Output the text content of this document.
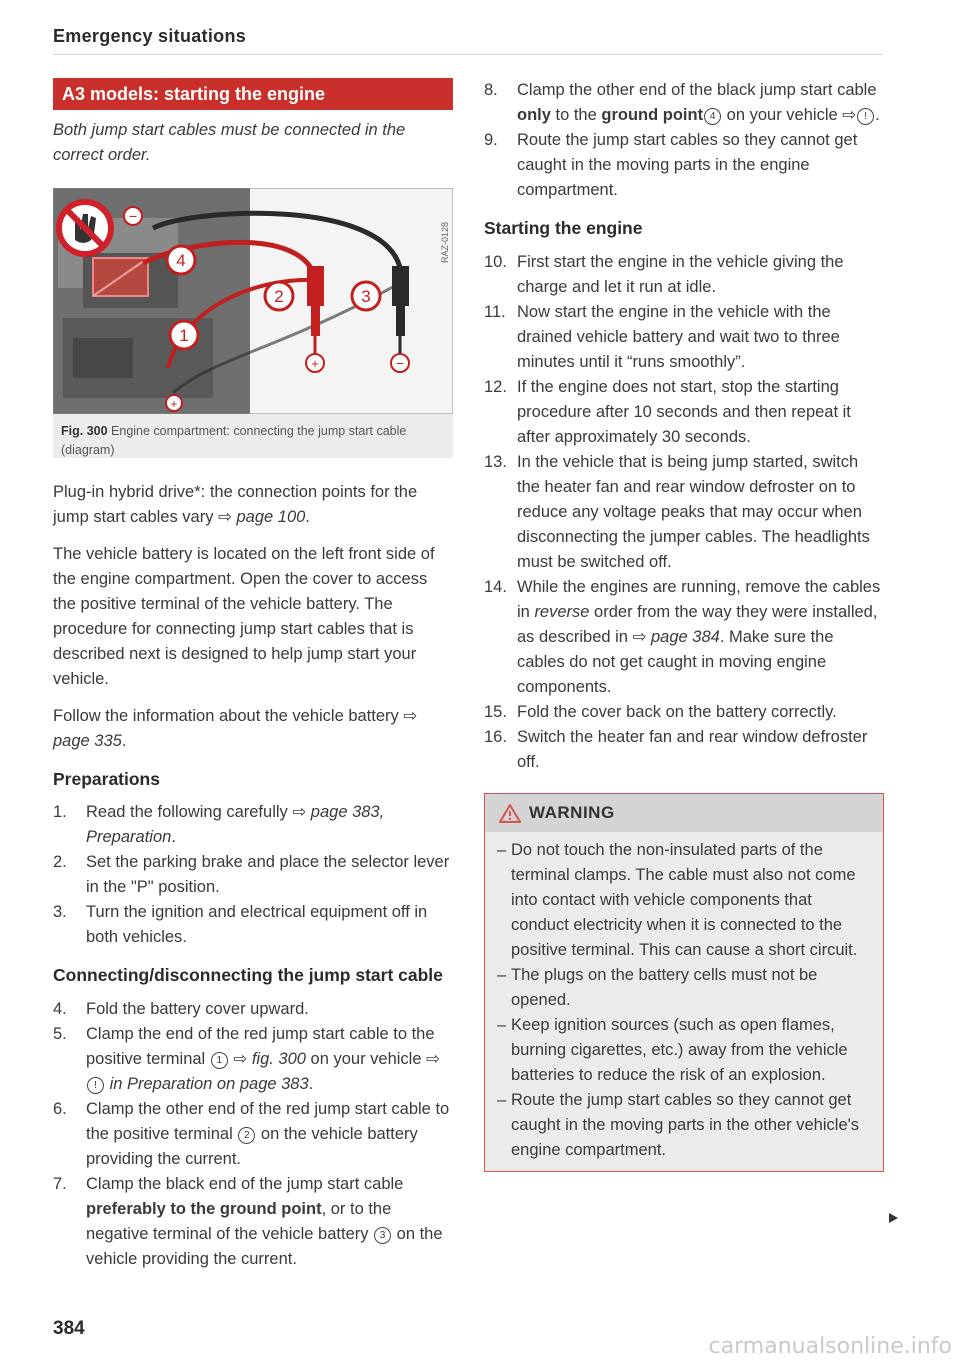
Emergency situations
A3 models: starting the engine
Both jump start cables must be connected in the correct order.
2	3
4
1
+	−
−
+
RAZ-0128
Fig. 300 Engine compartment: connecting the jump start cable (diagram)

Plug-in hybrid drive*: the connection points for the jump start cables vary ⇨ page 100.

The vehicle battery is located on the left front side of the engine compartment. Open the cover to access the positive terminal of the vehicle battery. The procedure for connecting jump start cables that is described next is designed to help jump start your vehicle.

Follow the information about the vehicle battery ⇨ page 335.

Preparations
1. Read the following carefully ⇨ page 383, Preparation.
2. Set the parking brake and place the selector lever in the "P" position.
3. Turn the ignition and electrical equipment off in both vehicles.
Connecting/disconnecting the jump start cable
4. Fold the battery cover upward.
5. Clamp the end of the red jump start cable to the positive terminal 1 ⇨ fig. 300 on your vehicle ⇨! in Preparation on page 383.
6. Clamp the other end of the red jump start cable to the positive terminal 2 on the vehicle battery providing the current.
7. Clamp the black end of the jump start cable preferably to the ground point, or to the negative terminal of the vehicle battery 3 on the vehicle providing the current.
8. Clamp the other end of the black jump start cable only to the ground point 4 on your vehicle ⇨ ! .
9. Route the jump start cables so they cannot get caught in the moving parts in the engine compartment.
Starting the engine
10. First start the engine in the vehicle giving the charge and let it run at idle.
11. Now start the engine in the vehicle with the drained vehicle battery and wait two to three minutes until it “runs smoothly”.
12. If the engine does not start, stop the starting procedure after 10 seconds and then repeat it after approximately 30 seconds.
13. In the vehicle that is being jump started, switch the heater fan and rear window defroster on to reduce any voltage peaks that may occur when disconnecting the jumper cables. The headlights must be switched off.
14. While the engines are running, remove the cables in reverse order from the way they were installed, as described in ⇨ page 384. Make sure the cables do not get caught in moving engine components.
15. Fold the cover back on the battery correctly.
16. Switch the heater fan and rear window defroster off.
WARNING
– Do not touch the non-insulated parts of the terminal clamps. The cable must also not come into contact with vehicle components that conduct electricity when it is connected to the positive terminal. This can cause a short circuit.
– The plugs on the battery cells must not be opened.
– Keep ignition sources (such as open flames, burning cigarettes, etc.) away from the vehicle batteries to reduce the risk of an explosion.
– Route the jump start cables so they cannot get caught in the moving parts in the other vehicle's engine compartment.
384
carmanualsonline.info
